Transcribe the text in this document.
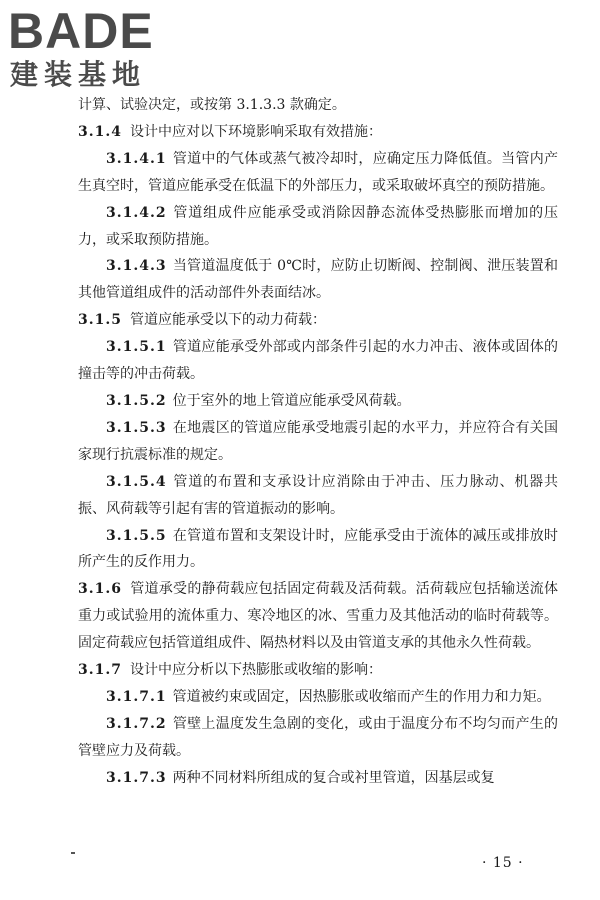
BADE
建装基地

计算、试验决定，或按第 3.1.3.3 款确定。

3.1.4 设计中应对以下环境影响采取有效措施：

3.1.4.1 管道中的气体或蒸气被冷却时，应确定压力降低值。当管内产生真空时，管道应能承受在低温下的外部压力，或采取破坏真空的预防措施。

3.1.4.2 管道组成件应能承受或消除因静态流体受热膨胀而增加的压力，或采取预防措施。

3.1.4.3 当管道温度低于 0℃时，应防止切断阀、控制阀、泄压装置和其他管道组成件的活动部件外表面结冰。

3.1.5 管道应能承受以下的动力荷载：

3.1.5.1 管道应能承受外部或内部条件引起的水力冲击、液体或固体的撞击等的冲击荷载。

3.1.5.2 位于室外的地上管道应能承受风荷载。

3.1.5.3 在地震区的管道应能承受地震引起的水平力，并应符合有关国家现行抗震标准的规定。

3.1.5.4 管道的布置和支承设计应消除由于冲击、压力脉动、机器共振、风荷载等引起有害的管道振动的影响。

3.1.5.5 在管道布置和支架设计时，应能承受由于流体的减压或排放时所产生的反作用力。

3.1.6 管道承受的静荷载应包括固定荷载及活荷载。活荷载应包括输送流体重力或试验用的流体重力、寒冷地区的冰、雪重力及其他活动的临时荷载等。固定荷载应包括管道组成件、隔热材料以及由管道支承的其他永久性荷载。

3.1.7 设计中应分析以下热膨胀或收缩的影响：

3.1.7.1 管道被约束或固定，因热膨胀或收缩而产生的作用力和力矩。

3.1.7.2 管壁上温度发生急剧的变化，或由于温度分布不均匀而产生的管壁应力及荷载。

3.1.7.3 两种不同材料所组成的复合或衬里管道，因基层或复

· 15 ·
